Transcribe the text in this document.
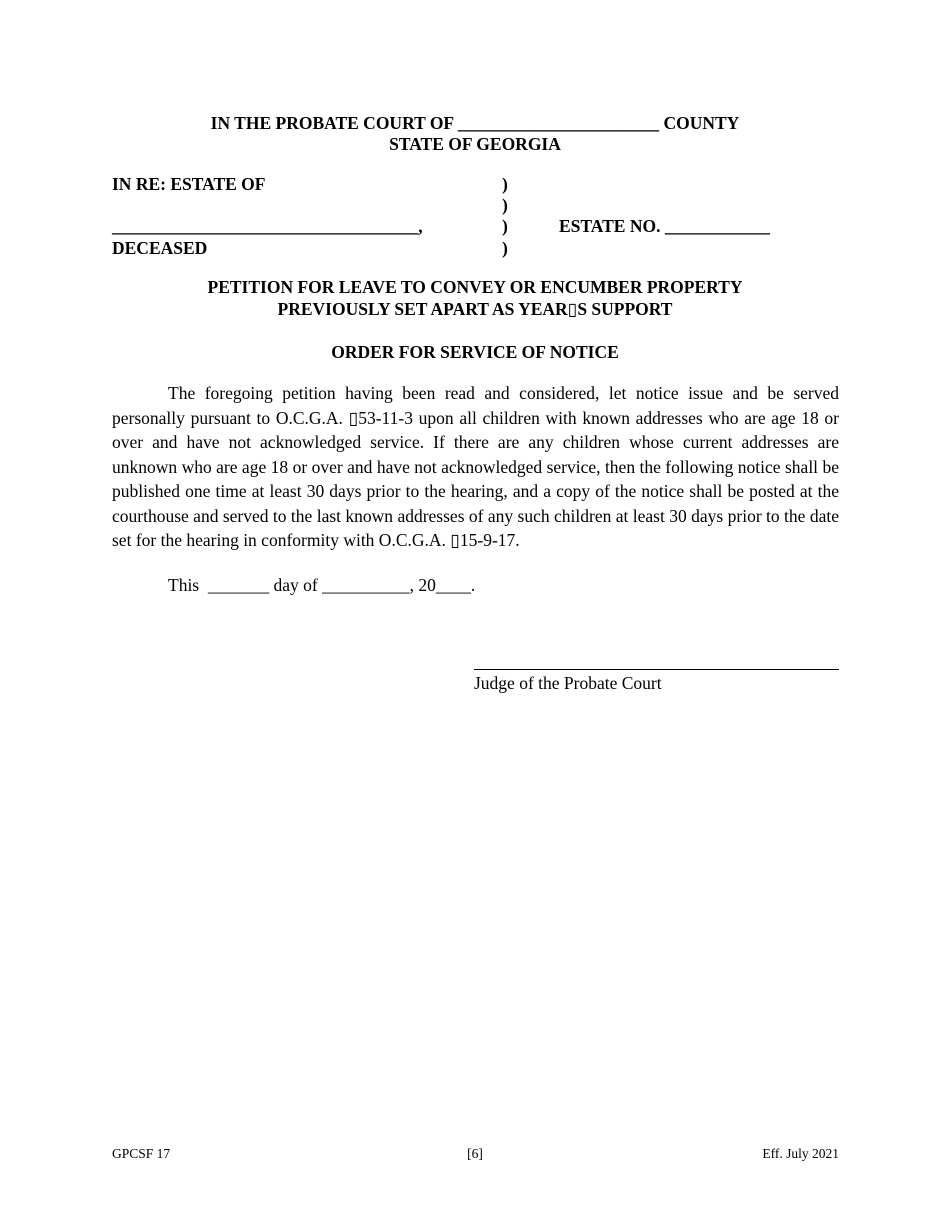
IN THE PROBATE COURT OF _______________________ COUNTY
STATE OF GEORGIA
IN RE: ESTATE OF
___________________________________,
DECEASED
)
)
)
)
ESTATE NO. ____________
PETITION FOR LEAVE TO CONVEY OR ENCUMBER PROPERTY
PREVIOUSLY SET APART AS YEAR▯S SUPPORT
ORDER FOR SERVICE OF NOTICE
The foregoing petition having been read and considered, let notice issue and be served personally pursuant to O.C.G.A. ▯53-11-3 upon all children with known addresses who are age 18 or over and have not acknowledged service. If there are any children whose current addresses are unknown who are age 18 or over and have not acknowledged service, then the following notice shall be published one time at least 30 days prior to the hearing, and a copy of the notice shall be posted at the courthouse and served to the last known addresses of any such children at least 30 days prior to the date set for the hearing in conformity with O.C.G.A. ▯15-9-17.
This  _______ day of __________, 20____.
Judge of the Probate Court
GPCSF 17	[6]	Eff. July 2021
